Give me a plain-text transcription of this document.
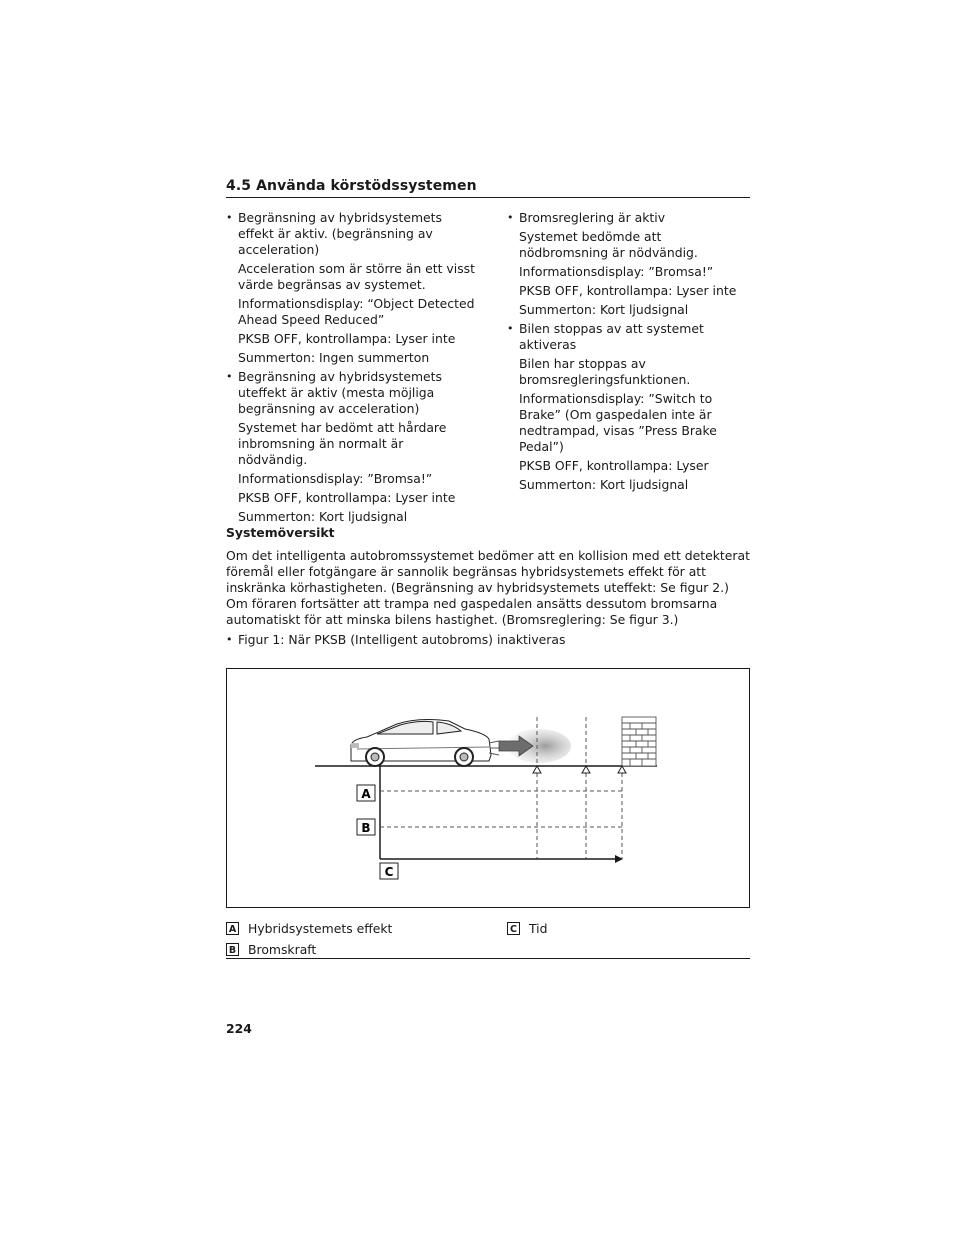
4.5 Använda körstödssystemen
• Begränsning av hybridsystemets effekt är aktiv. (begränsning av acceleration)
Acceleration som är större än ett visst värde begränsas av systemet.
Informationsdisplay: “Object Detected Ahead Speed Reduced”
PKSB OFF, kontrollampa: Lyser inte
Summerton: Ingen summerton
• Begränsning av hybridsystemets uteffekt är aktiv (mesta möjliga begränsning av acceleration)
Systemet har bedömt att hårdare inbromsning än normalt är nödvändig.
Informationsdisplay: ”Bromsa!”
PKSB OFF, kontrollampa: Lyser inte
Summerton: Kort ljudsignal
• Bromsreglering är aktiv
Systemet bedömde att nödbromsning är nödvändig.
Informationsdisplay: ”Bromsa!”
PKSB OFF, kontrollampa: Lyser inte
Summerton: Kort ljudsignal
• Bilen stoppas av att systemet aktiveras
Bilen har stoppas av bromsregleringsfunktionen.
Informationsdisplay: ”Switch to Brake” (Om gaspedalen inte är nedtrampad, visas ”Press Brake Pedal”)
PKSB OFF, kontrollampa: Lyser
Summerton: Kort ljudsignal
Systemöversikt

Om det intelligenta autobromssystemet bedömer att en kollision med ett detekterat föremål eller fotgängare är sannolik begränsas hybridsystemets effekt för att inskränka körhastigheten. (Begränsning av hybridsystemets uteffekt: Se figur 2.) Om föraren fortsätter att trampa ned gaspedalen ansätts dessutom bromsarna automatiskt för att minska bilens hastighet. (Bromsreglering: Se figur 3.)

• Figur 1: När PKSB (Intelligent autobroms) inaktiveras
A
B
C
A Hybridsystemets effekt
B Bromskraft
C Tid
224
